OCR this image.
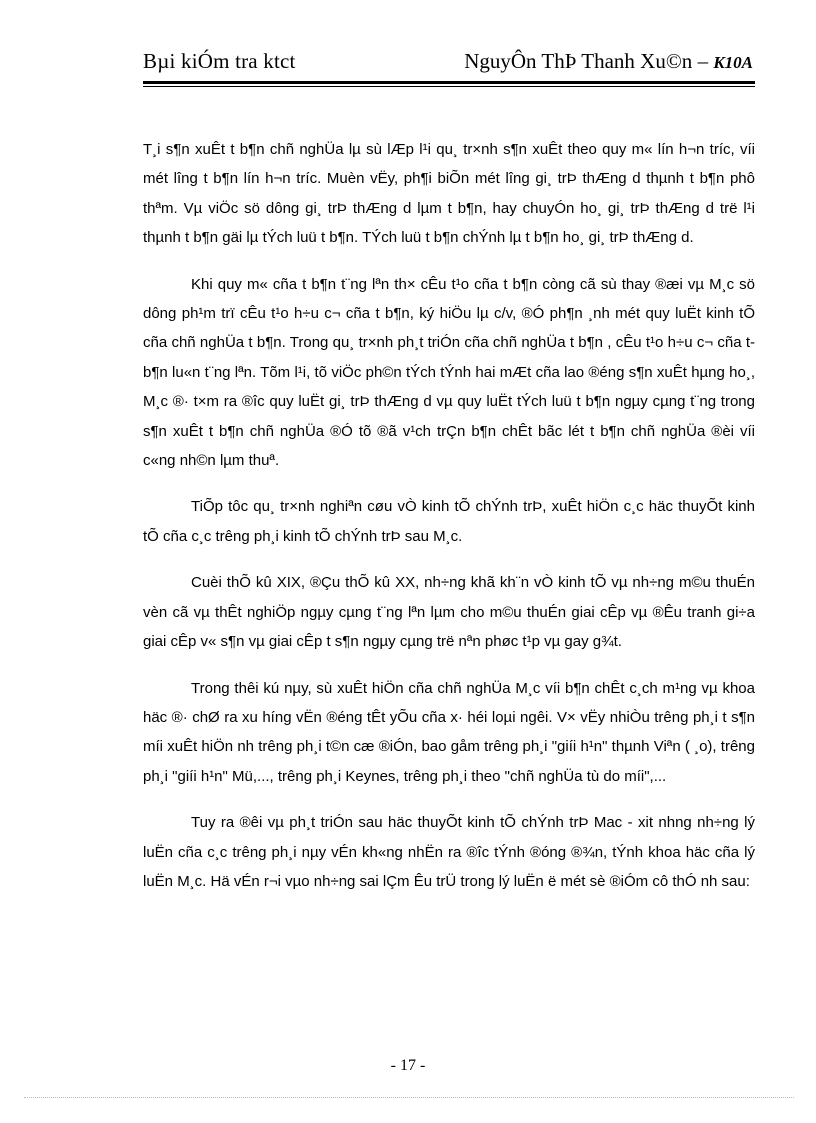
Bµi kiÓm tra ktct	NguyÔn ThÞ Thanh Xu©n – K10A

T¸i s¶n xuÊt t b¶n chñ nghÜa lµ sù lÆp l¹i qu¸ tr×nh s¶n xuÊt theo quy m« lín h¬n tríc, víi mét lîng t b¶n lín h¬n tríc. Muèn vËy, ph¶i biÕn mét lîng gi¸ trÞ thÆng d thµnh t b¶n phô thªm. Vµ viÖc sö dông gi¸ trÞ thÆng d lµm t b¶n, hay chuyÓn ho¸ gi¸ trÞ thÆng d trë l¹i thµnh t b¶n gäi lµ tÝch luü t b¶n. TÝch luü t b¶n chÝnh lµ t b¶n ho¸ gi¸ trÞ thÆng d.

Khi quy m« cña t b¶n t¨ng lªn th× cÊu t¹o cña t b¶n còng cã sù thay ®æi vµ M¸c sö dông ph¹m trï cÊu t¹o h÷u c¬ cña t b¶n, ký hiÖu lµ c/v, ®Ó ph¶n ¸nh mét quy luËt kinh tÕ cña chñ nghÜa t b¶n. Trong qu¸ tr×nh ph¸t triÓn cña chñ nghÜa t b¶n , cÊu t¹o h÷u c¬ cña t b¶n lu«n t¨ng lªn. Tõm l¹i, tõ viÖc ph©n tÝch tÝnh hai mÆt cña lao ®éng s¶n xuÊt hµng ho¸, M¸c ®· t×m ra ®îc quy luËt gi¸ trÞ thÆng d vµ quy luËt tÝch luü t b¶n ngµy cµng t¨ng trong s¶n xuÊt t b¶n chñ nghÜa ®Ó tõ ®ã v¹ch trÇn b¶n chÊt bãc lét t b¶n chñ nghÜa ®èi víi c«ng nh©n lµm thuª.

TiÕp tôc qu¸ tr×nh nghiªn cøu vÒ kinh tÕ chÝnh trÞ, xuÊt hiÖn c¸c häc thuyÕt kinh tÕ cña c¸c trêng ph¸i kinh tÕ chÝnh trÞ sau M¸c.

Cuèi thÕ kû XIX, ®Çu thÕ kû XX, nh÷ng khã kh¨n vÒ kinh tÕ vµ nh÷ng m©u thuÉn vèn cã vµ thÊt nghiÖp ngµy cµng t¨ng lªn lµm cho m©u thuÉn giai cÊp vµ ®Êu tranh gi÷a giai cÊp v« s¶n vµ giai cÊp t s¶n ngµy cµng trë nªn phøc t¹p vµ gay g¾t.

Trong thêi kú nµy, sù xuÊt hiÖn cña chñ nghÜa M¸c víi b¶n chÊt c¸ch m¹ng vµ khoa häc ®· chØ ra xu híng vËn ®éng tÊt yÕu cña x· héi loµi ngêi. V× vËy nhiÒu trêng ph¸i t s¶n míi xuÊt hiÖn nh trêng ph¸i t©n cæ ®iÓn, bao gåm trêng ph¸i "giíi h¹n" thµnh Viªn ( ¸o), trêng ph¸i "giíi h¹n" Mü,..., trêng ph¸i Keynes, trêng ph¸i theo "chñ nghÜa tù do míi",...

Tuy ra ®êi vµ ph¸t triÓn sau häc thuyÕt kinh tÕ chÝnh trÞ Mac - xit nhng nh÷ng lý luËn cña c¸c trêng ph¸i nµy vÉn kh«ng nhËn ra ®îc tÝnh ®óng ®¾n, tÝnh khoa häc cña lý luËn M¸c. Hä vÉn r¬i vµo nh÷ng sai lÇm Êu trÜ trong lý luËn ë mét sè ®iÓm cô thÓ nh sau:

- 17 -
